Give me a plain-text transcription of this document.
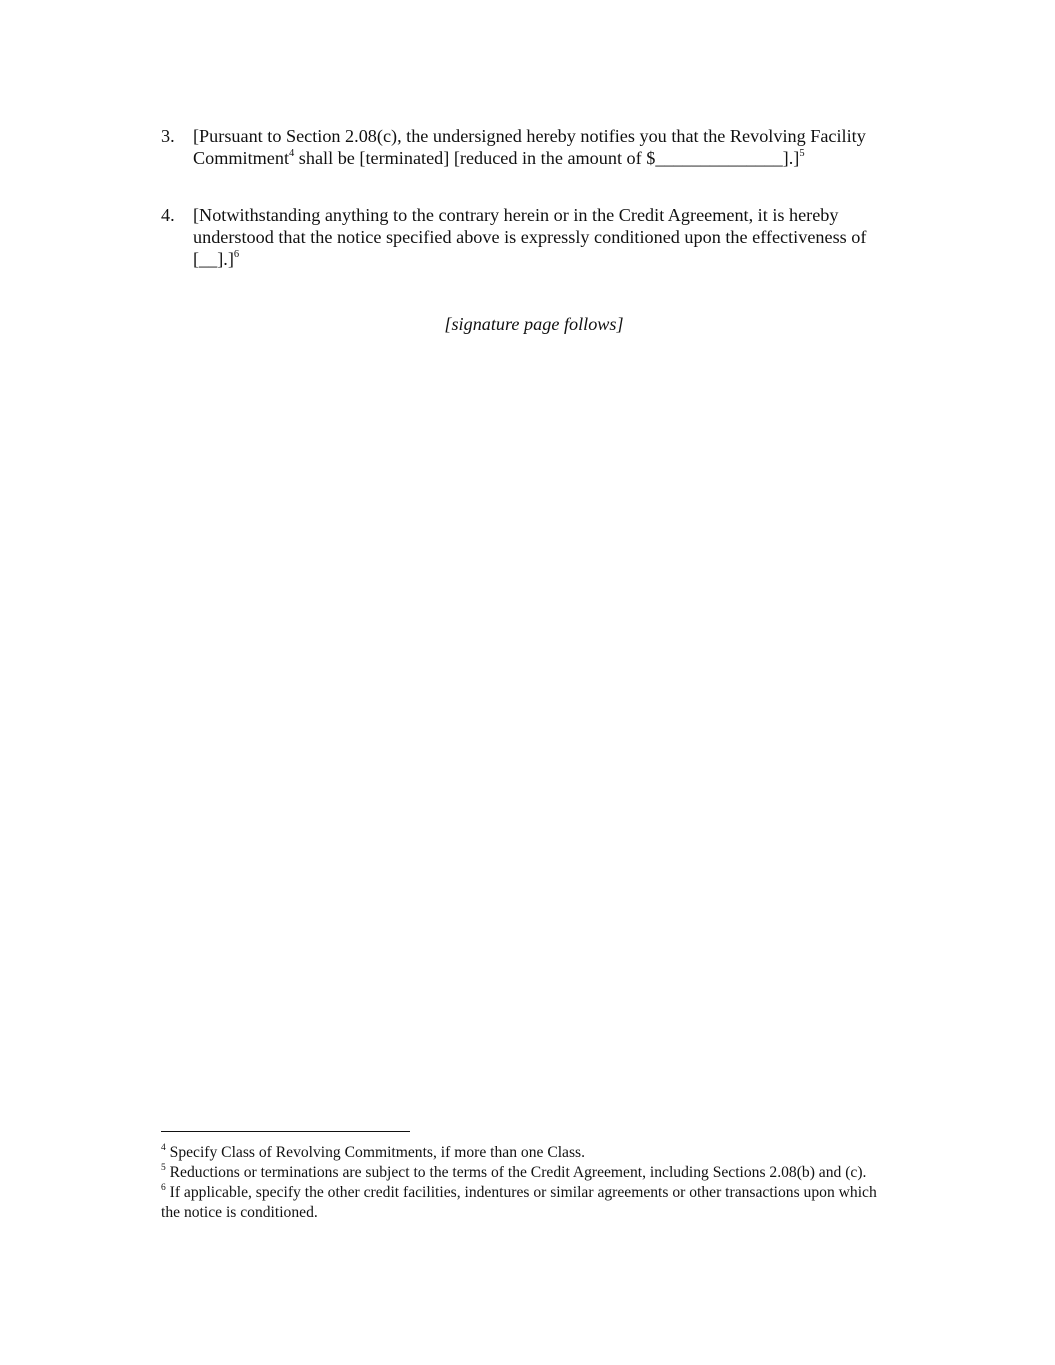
3.	[Pursuant to Section 2.08(c), the undersigned hereby notifies you that the Revolving Facility Commitment$^4$ shall be [terminated] [reduced in the amount of $______________].]$^5$
4.	[Notwithstanding anything to the contrary herein or in the Credit Agreement, it is hereby understood that the notice specified above is expressly conditioned upon the effectiveness of [__].]$^6$
[signature page follows]

$^4$ Specify Class of Revolving Commitments, if more than one Class.

$^5$ Reductions or terminations are subject to the terms of the Credit Agreement, including Sections 2.08(b) and (c).

$^6$ If applicable, specify the other credit facilities, indentures or similar agreements or other transactions upon which the notice is conditioned.
